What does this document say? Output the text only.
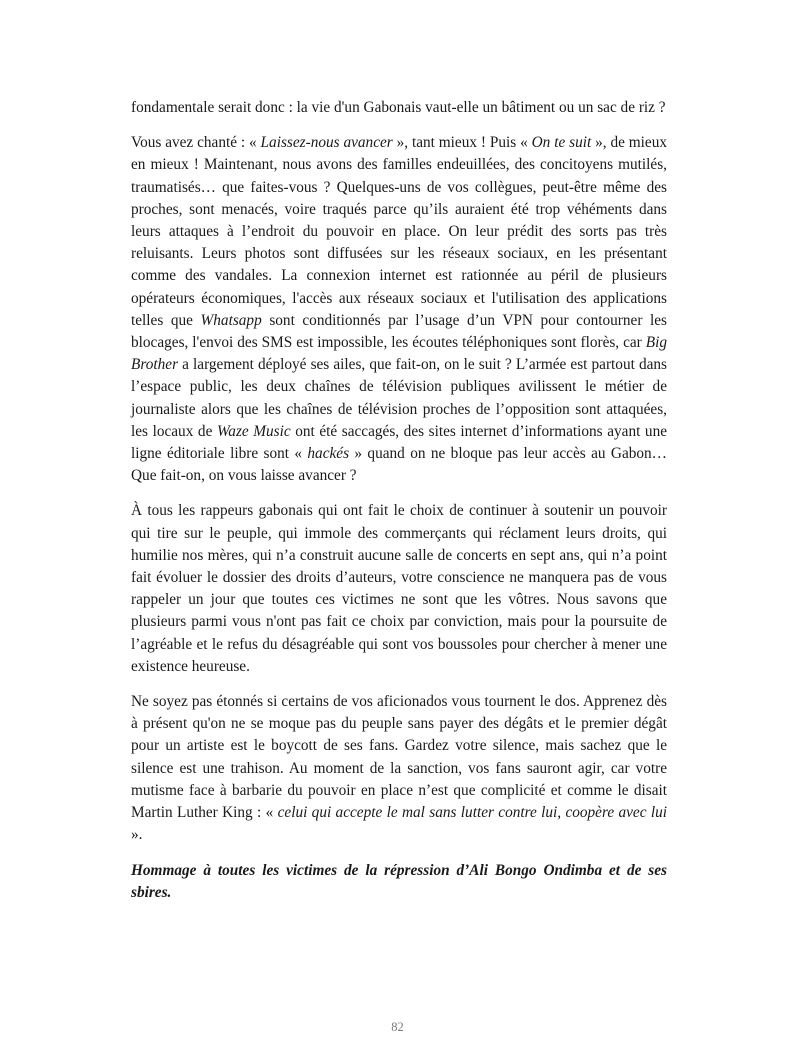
fondamentale serait donc : la vie d'un Gabonais vaut-elle un bâtiment ou un sac de riz ?

Vous avez chanté : « Laissez-nous avancer », tant mieux ! Puis « On te suit », de mieux en mieux ! Maintenant, nous avons des familles endeuillées, des concitoyens mutilés, traumatisés… que faites-vous ? Quelques-uns de vos collègues, peut-être même des proches, sont menacés, voire traqués parce qu’ils auraient été trop véhéments dans leurs attaques à l’endroit du pouvoir en place. On leur prédit des sorts pas très reluisants. Leurs photos sont diffusées sur les réseaux sociaux, en les présentant comme des vandales. La connexion internet est rationnée au péril de plusieurs opérateurs économiques, l'accès aux réseaux sociaux et l'utilisation des applications telles que Whatsapp sont conditionnés par l’usage d’un VPN pour contourner les blocages, l'envoi des SMS est impossible, les écoutes téléphoniques sont florès, car Big Brother a largement déployé ses ailes, que fait-on, on le suit ? L’armée est partout dans l’espace public, les deux chaînes de télévision publiques avilissent le métier de journaliste alors que les chaînes de télévision proches de l’opposition sont attaquées, les locaux de Waze Music ont été saccagés, des sites internet d’informations ayant une ligne éditoriale libre sont « hackés » quand on ne bloque pas leur accès au Gabon… Que fait-on, on vous laisse avancer ?

À tous les rappeurs gabonais qui ont fait le choix de continuer à soutenir un pouvoir qui tire sur le peuple, qui immole des commerçants qui réclament leurs droits, qui humilie nos mères, qui n’a construit aucune salle de concerts en sept ans, qui n’a point fait évoluer le dossier des droits d’auteurs, votre conscience ne manquera pas de vous rappeler un jour que toutes ces victimes ne sont que les vôtres. Nous savons que plusieurs parmi vous n'ont pas fait ce choix par conviction, mais pour la poursuite de l’agréable et le refus du désagréable qui sont vos boussoles pour chercher à mener une existence heureuse.

Ne soyez pas étonnés si certains de vos aficionados vous tournent le dos. Apprenez dès à présent qu'on ne se moque pas du peuple sans payer des dégâts et le premier dégât pour un artiste est le boycott de ses fans. Gardez votre silence, mais sachez que le silence est une trahison. Au moment de la sanction, vos fans sauront agir, car votre mutisme face à barbarie du pouvoir en place n’est que complicité et comme le disait Martin Luther King : « celui qui accepte le mal sans lutter contre lui, coopère avec lui ».

Hommage à toutes les victimes de la répression d’Ali Bongo Ondimba et de ses sbires.

82
